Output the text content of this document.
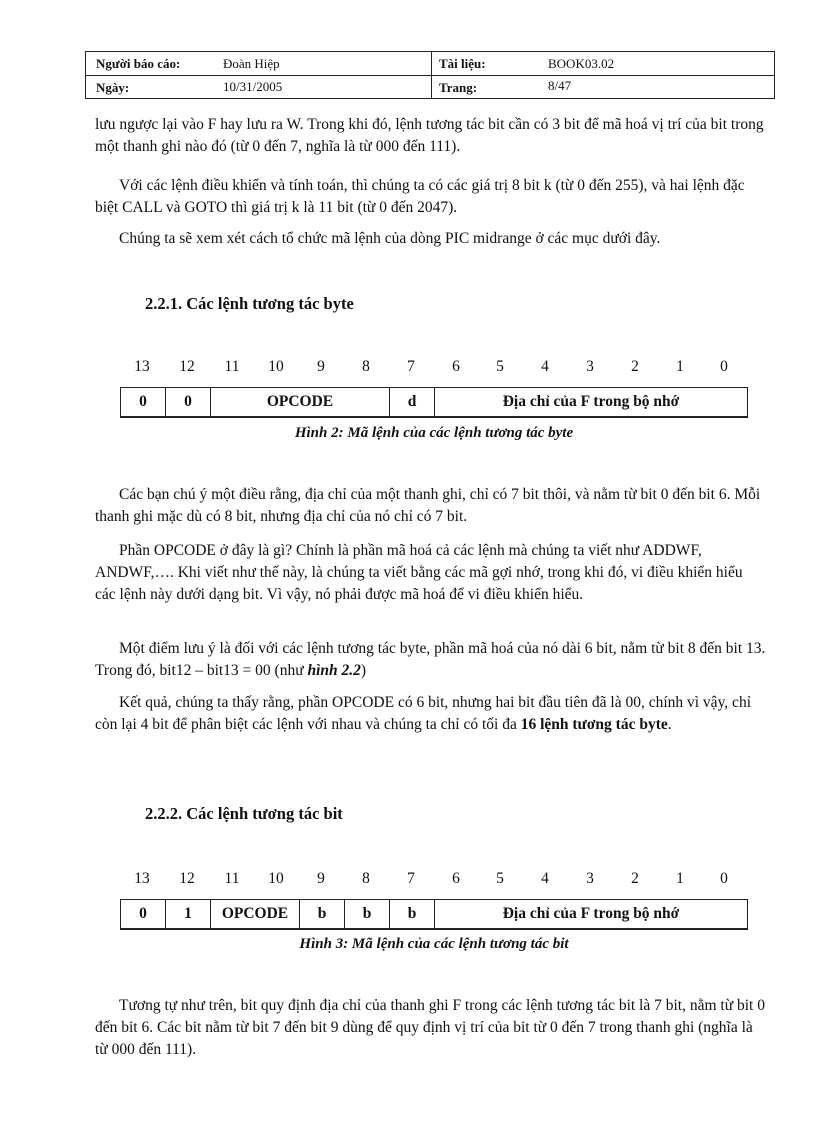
Người báo cáo:	Đoàn Hiệp	Tài liệu:	BOOK03.02
Ngày:	10/31/2005	Trang:	8/47

lưu ngược lại vào F hay lưu ra W. Trong khi đó, lệnh tương tác bit cần có 3 bit để mã hoá vị trí của bit trong một thanh ghi nào đó (từ 0 đến 7, nghĩa là từ 000 đến 111).

Với các lệnh điều khiển và tính toán, thì chúng ta có các giá trị 8 bit k (từ 0 đến 255), và hai lệnh đặc biệt CALL và GOTO thì giá trị k là 11 bit (từ 0 đến 2047).

Chúng ta sẽ xem xét cách tổ chức mã lệnh của dòng PIC midrange ở các mục dưới đây.

2.2.1. Các lệnh tương tác byte
13	12	11	10	9	8	7	6	5	4	3	2	1	0
0	0	OPCODE	d	Địa chỉ của F trong bộ nhớ

Hình 2: Mã lệnh của các lệnh tương tác byte

Các bạn chú ý một điều rằng, địa chỉ của một thanh ghi, chỉ có 7 bit thôi, và nằm từ bit 0 đến bit 6. Mỗi thanh ghi mặc dù có 8 bit, nhưng địa chỉ của nó chỉ có 7 bit.

Phần OPCODE ở đây là gì? Chính là phần mã hoá cả các lệnh mà chúng ta viết như ADDWF, ANDWF,…. Khi viết như thế này, là chúng ta viết bằng các mã gợi nhớ, trong khi đó, vi điều khiển hiểu các lệnh này dưới dạng bit. Vì vậy, nó phải được mã hoá để vi điều khiển hiểu.

Một điểm lưu ý là đối với các lệnh tương tác byte, phần mã hoá của nó dài 6 bit, nằm từ bit 8 đến bit 13. Trong đó, bit12 – bit13 = 00 (như hình 2.2)

Kết quả, chúng ta thấy rằng, phần OPCODE có 6 bit, nhưng hai bit đầu tiên đã là 00, chính vì vậy, chỉ còn lại 4 bit để phân biệt các lệnh với nhau và chúng ta chỉ có tối đa 16 lệnh tương tác byte.

2.2.2. Các lệnh tương tác bit
13	12	11	10	9	8	7	6	5	4	3	2	1	0
0	1	OPCODE	b	b	b	Địa chỉ của F trong bộ nhớ

Hình 3: Mã lệnh của các lệnh tương tác bit

Tương tự như trên, bit quy định địa chỉ của thanh ghi F trong các lệnh tương tác bit là 7 bit, nằm từ bit 0 đến bit 6. Các bit nằm từ bit 7 đến bit 9 dùng để quy định vị trí của bit từ 0 đến 7 trong thanh ghi (nghĩa là từ 000 đến 111).
